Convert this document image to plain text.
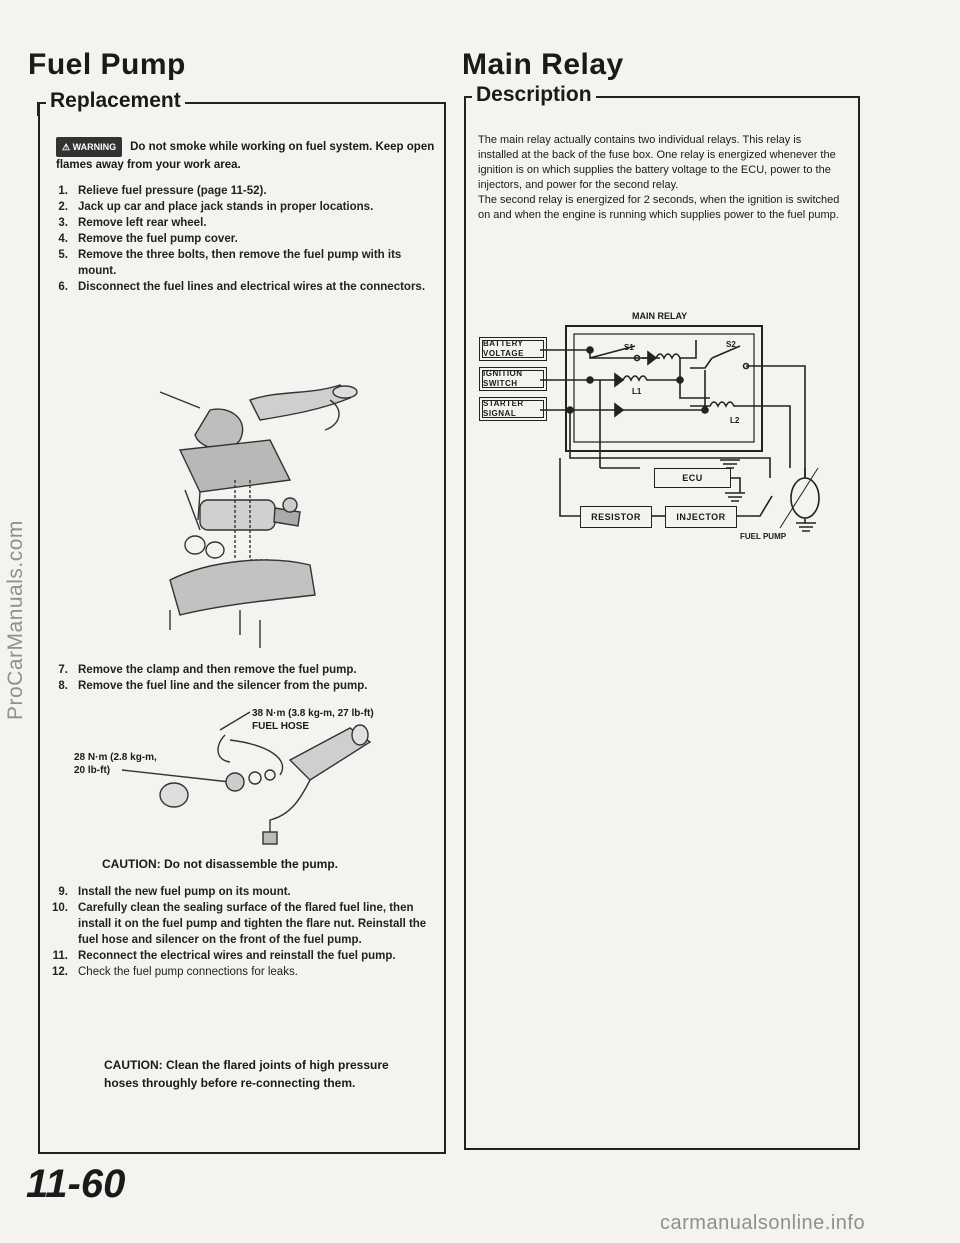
Fuel Pump
Replacement
⚠ WARNING Do not smoke while working on fuel system. Keep open flames away from your work area.
1. Relieve fuel pressure (page 11-52).
2. Jack up car and place jack stands in proper locations.
3. Remove left rear wheel.
4. Remove the fuel pump cover.
5. Remove the three bolts, then remove the fuel pump with its mount.
6. Disconnect the fuel lines and electrical wires at the connectors.
7. Remove the clamp and then remove the fuel pump.
8. Remove the fuel line and the silencer from the pump.
38 N·m (3.8 kg-m, 27 lb-ft)
FUEL HOSE
28 N·m (2.8 kg-m,
20 lb-ft)
CAUTION: Do not disassemble the pump.
9. Install the new fuel pump on its mount.
10. Carefully clean the sealing surface of the flared fuel line, then install it on the fuel pump and tighten the flare nut. Reinstall the fuel hose and silencer on the front of the fuel pump.
11. Reconnect the electrical wires and reinstall the fuel pump.
12. Check the fuel pump connections for leaks.
CAUTION: Clean the flared joints of high pressure hoses throughly before re-connecting them.
11-60
Main Relay
Description

The main relay actually contains two individual relays. This relay is installed at the back of the fuse box. One relay is energized whenever the ignition is on which supplies the battery voltage to the ECU, power to the injectors, and power for the second relay.

The second relay is energized for 2 seconds, when the ignition is switched on and when the engine is running which supplies power to the fuel pump.

MAIN RELAY
BATTERY
VOLTAGE
IGNITION
SWITCH
STARTER
SIGNAL
S1	S2
L1
L2
ECU
RESISTOR	INJECTOR
FUEL PUMP
ProCarManuals.com
carmanualsonline.info
